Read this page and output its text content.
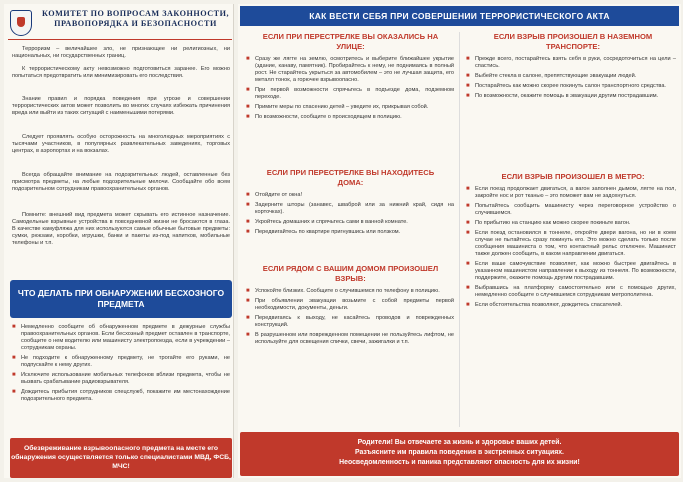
КОМИТЕТ ПО ВОПРОСАМ ЗАКОННОСТИ, ПРАВОПОРЯДКА И БЕЗОПАСНОСТИ

Терроризм – величайшее зло, не признающее ни религиозных, ни национальных, ни государственных границ.

К террористическому акту невозможно подготовиться заранее. Его можно попытаться предотвратить или минимизировать его последствия.

Знание правил и порядка поведения при угрозе и совершении террористических актов может позволить во многих случаях избежать причинения вреда или выйти из таких ситуаций с наименьшими потерями.

Следует проявлять особую осторожность на многолюдных мероприятиях с тысячами участников, в популярных развлекательных заведениях, торговых центрах, в аэропортах и на вокзалах.

Всегда обращайте внимание на подозрительных людей, оставленные без присмотра предметы, на любые подозрительные мелочи. Сообщайте обо всем подозрительном сотрудникам правоохранительных органов.

Помните: внешний вид предмета может скрывать его истинное назначение. Самодельные взрывные устройства в повседневной жизни не бросаются в глаза. В качестве камуфляжа для них используются самые обычные бытовые предметы: сумки, рюкзаки, коробки, игрушки, банки и пакеты из-под напитков, мобильные телефоны и т.п.

ЧТО ДЕЛАТЬ ПРИ ОБНАРУЖЕНИИ БЕСХОЗНОГО ПРЕДМЕТА
■ Немедленно сообщите об обнаруженном предмете в дежурные службы правоохранительных органов. Если бесхозный предмет оставлен в транспорте, сообщите о нем водителю или машинисту электропоезда, если в учреждении – сотрудникам охраны.
■ Не подходите к обнаруженному предмету, не трогайте его руками, не подпускайте к нему других.
■ Исключите использование мобильных телефонов вблизи предмета, чтобы не вызвать срабатывание радиовзрывателя.
■ Дождитесь прибытия сотрудников спецслужб, покажите им местонахождение подозрительного предмета.
Обезвреживание взрывоопасного предмета на месте его обнаружения осуществляется только специалистами МВД, ФСБ, МЧС!
КАК ВЕСТИ СЕБЯ ПРИ СОВЕРШЕНИИ ТЕРРОРИСТИЧЕСКОГО АКТА
ЕСЛИ ПРИ ПЕРЕСТРЕЛКЕ ВЫ ОКАЗАЛИСЬ НА УЛИЦЕ:
■ Сразу же лягте на землю, осмотритесь и выберите ближайшее укрытие (здание, канаву, памятник). Пробирайтесь к нему, не поднимаясь в полный рост. Не старайтесь укрыться за автомобилем – это не лучшая защита, его металл тонок, а горючее взрывоопасно.
■ При первой возможности спрячьтесь в подъезде дома, подземном переходе.
■ Примите меры по спасению детей – уведите их, прикрывая собой.
■ По возможности, сообщите о происходящем в полицию.
ЕСЛИ ПРИ ПЕРЕСТРЕЛКЕ ВЫ НАХОДИТЕСЬ ДОМА:
■ Отойдите от окна!
■ Задерните шторы (занавес, шваброй или за нижний край, сидя на корточках).
■ Укройтесь домашних и спрячьтесь сами в ванной комнате.
■ Передвигайтесь по квартире пригнувшись или ползком.
ЕСЛИ РЯДОМ С ВАШИМ ДОМОМ ПРОИЗОШЕЛ ВЗРЫВ:
■ Успокойте близких. Сообщите о случившемся по телефону в полицию.
■ При объявлении эвакуации возьмите с собой предметы первой необходимости, документы, деньги.
■ Передвигаясь к выходу, не касайтесь проводов и поврежденных конструкций.
■ В разрушенном или поврежденном помещении не пользуйтесь лифтом, не используйте для освещения спички, свечи, зажигалки и т.п.
ЕСЛИ ВЗРЫВ ПРОИЗОШЕЛ В НАЗЕМНОМ ТРАНСПОРТЕ:
■ Прежде всего, постарайтесь взять себя в руки, сосредоточиться на цели – спастись.
■ Выбейте стекла в салоне, препятствующие эвакуации людей.
■ Постарайтесь как можно скорее покинуть салон транспортного средства.
■ По возможности, окажите помощь в эвакуации другим пострадавшим.
ЕСЛИ ВЗРЫВ ПРОИЗОШЕЛ В МЕТРО:
■ Если поезд продолжает двигаться, а вагон заполнен дымом, лягте на пол, закройте нос и рот тканью – это поможет вам не задохнуться.
■ Попытайтесь сообщить машинисту через переговорное устройство о случившемся.
■ По прибытию на станцию как можно скорее покиньте вагон.
■ Если поезд остановился в тоннеле, откройте двери вагона, но ни в коем случае не пытайтесь сразу покинуть его. Это можно сделать только после сообщения машиниста о том, что контактный рельс отключен. Машинист также должен сообщить, в каком направлении двигаться.
■ Если ваше самочувствие позволяет, как можно быстрее двигайтесь в указанном машинистом направлении к выходу из тоннеля. По возможности, поддержите, окажите помощь другим пострадавшим.
■ Выбравшись на платформу самостоятельно или с помощью других, немедленно сообщите о случившемся сотрудникам метрополитена.
■ Если обстоятельства позволяют, дождитесь спасателей.
Родители! Вы отвечаете за жизнь и здоровье ваших детей.
Разъясните им правила поведения в экстренных ситуациях.
Неосведомленность и паника представляют опасность для их жизни!
